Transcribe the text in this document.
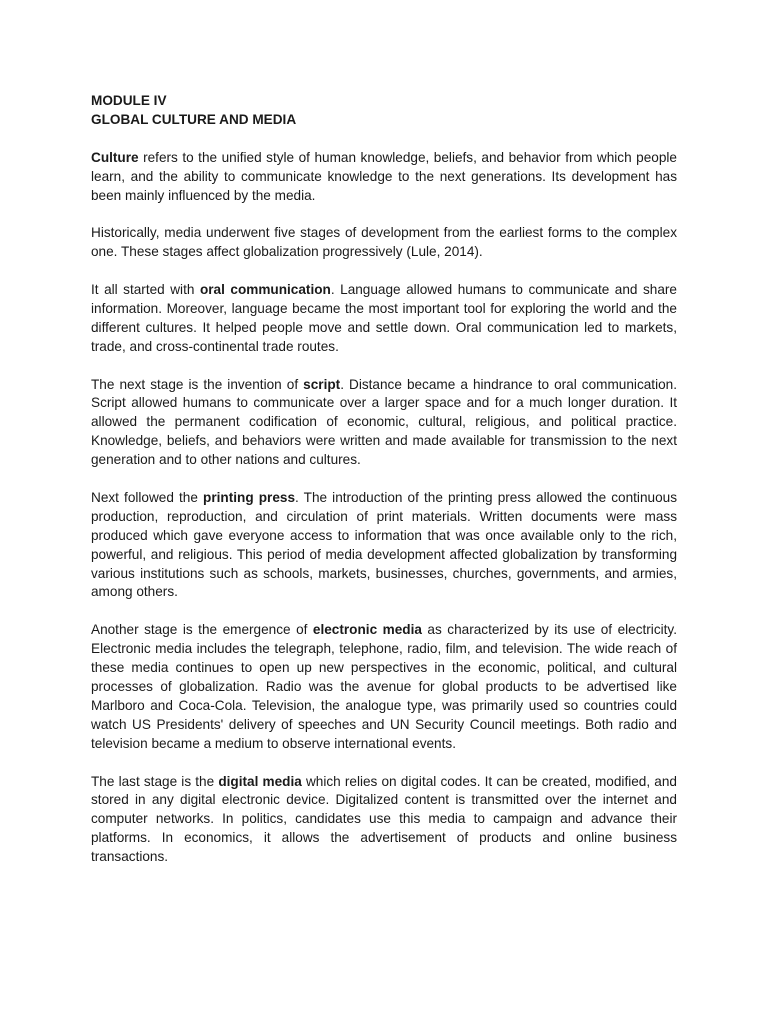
MODULE IV
GLOBAL CULTURE AND MEDIA

Culture refers to the unified style of human knowledge, beliefs, and behavior from which people learn, and the ability to communicate knowledge to the next generations. Its development has been mainly influenced by the media.

Historically, media underwent five stages of development from the earliest forms to the complex one. These stages affect globalization progressively (Lule, 2014).

It all started with oral communication. Language allowed humans to communicate and share information. Moreover, language became the most important tool for exploring the world and the different cultures. It helped people move and settle down. Oral communication led to markets, trade, and cross-continental trade routes.

The next stage is the invention of script. Distance became a hindrance to oral communication. Script allowed humans to communicate over a larger space and for a much longer duration. It allowed the permanent codification of economic, cultural, religious, and political practice. Knowledge, beliefs, and behaviors were written and made available for transmission to the next generation and to other nations and cultures.

Next followed the printing press. The introduction of the printing press allowed the continuous production, reproduction, and circulation of print materials. Written documents were mass produced which gave everyone access to information that was once available only to the rich, powerful, and religious. This period of media development affected globalization by transforming various institutions such as schools, markets, businesses, churches, governments, and armies, among others.

Another stage is the emergence of electronic media as characterized by its use of electricity. Electronic media includes the telegraph, telephone, radio, film, and television. The wide reach of these media continues to open up new perspectives in the economic, political, and cultural processes of globalization. Radio was the avenue for global products to be advertised like Marlboro and Coca-Cola. Television, the analogue type, was primarily used so countries could watch US Presidents' delivery of speeches and UN Security Council meetings. Both radio and television became a medium to observe international events.

The last stage is the digital media which relies on digital codes. It can be created, modified, and stored in any digital electronic device. Digitalized content is transmitted over the internet and computer networks. In politics, candidates use this media to campaign and advance their platforms. In economics, it allows the advertisement of products and online business transactions.
